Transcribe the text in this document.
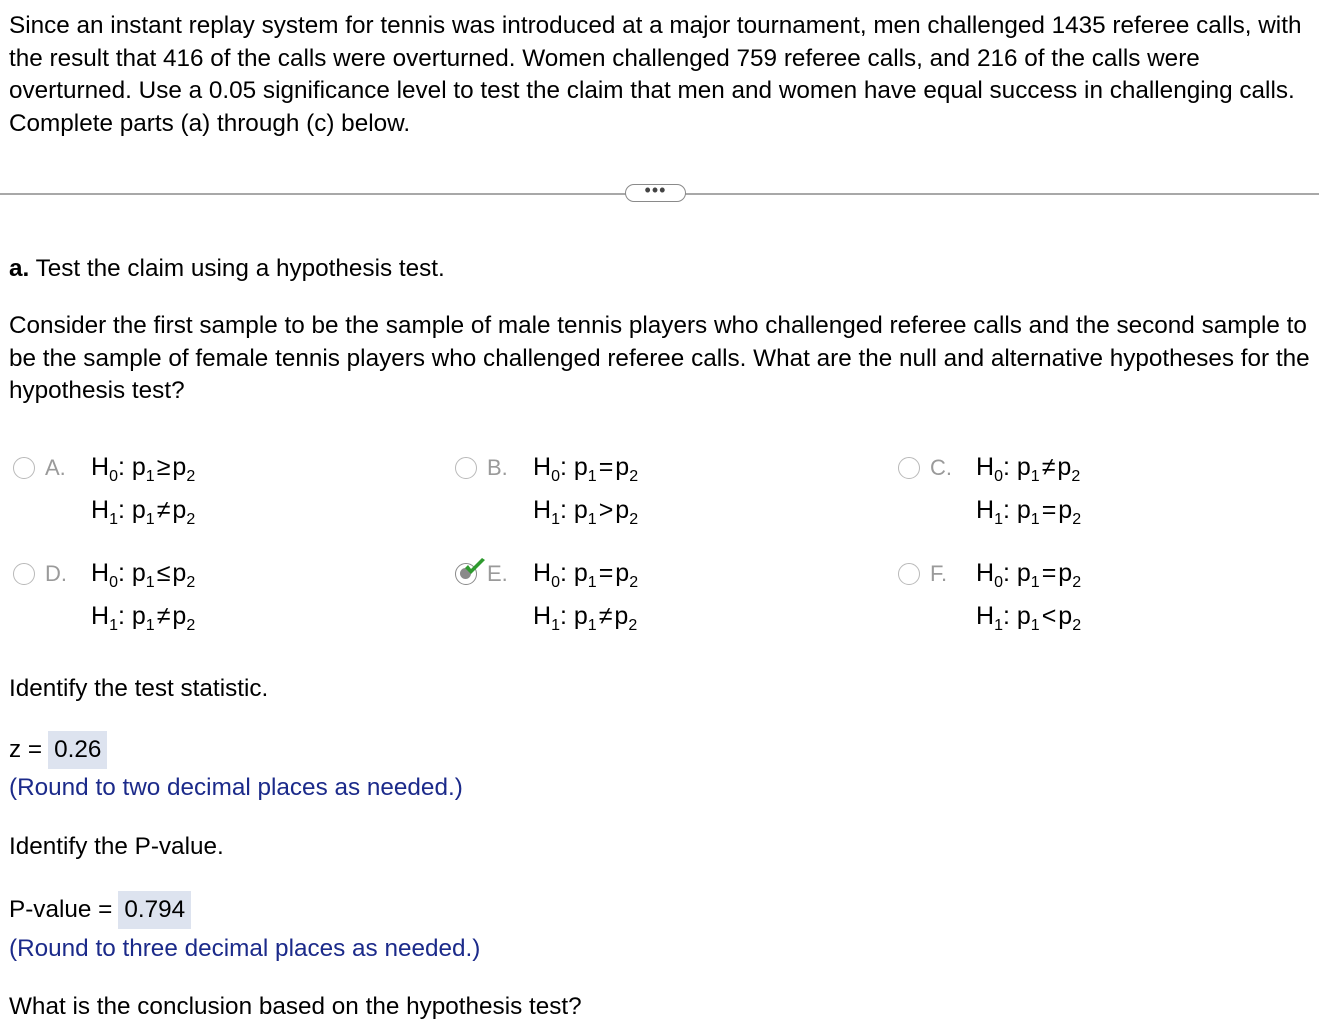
Since an instant replay system for tennis was introduced at a major tournament, men challenged 1435 referee calls, with the result that 416 of the calls were overturned. Women challenged 759 referee calls, and 216 of the calls were overturned. Use a 0.05 significance level to test the claim that men and women have equal success in challenging calls. Complete parts (a) through (c) below.
•••
a. Test the claim using a hypothesis test.
Consider the first sample to be the sample of male tennis players who challenged referee calls and the second sample to be the sample of female tennis players who challenged referee calls. What are the null and alternative hypotheses for the hypothesis test?
A. $H_0$: $p_1\ge p_2$
$H_1$: $p_1\ne p_2$
B. $H_0$: $p_1=p_2$
$H_1$: $p_1>p_2$
C. $H_0$: $p_1\ne p_2$
$H_1$: $p_1=p_2$
D. $H_0$: $p_1\le p_2$
$H_1$: $p_1\ne p_2$
E. $H_0$: $p_1=p_2$
$H_1$: $p_1\ne p_2$
F. $H_0$: $p_1=p_2$
$H_1$: $p_1<p_2$
Identify the test statistic.
z = 0.26
(Round to two decimal places as needed.)
Identify the P-value.
P-value = 0.794
(Round to three decimal places as needed.)
What is the conclusion based on the hypothesis test?
